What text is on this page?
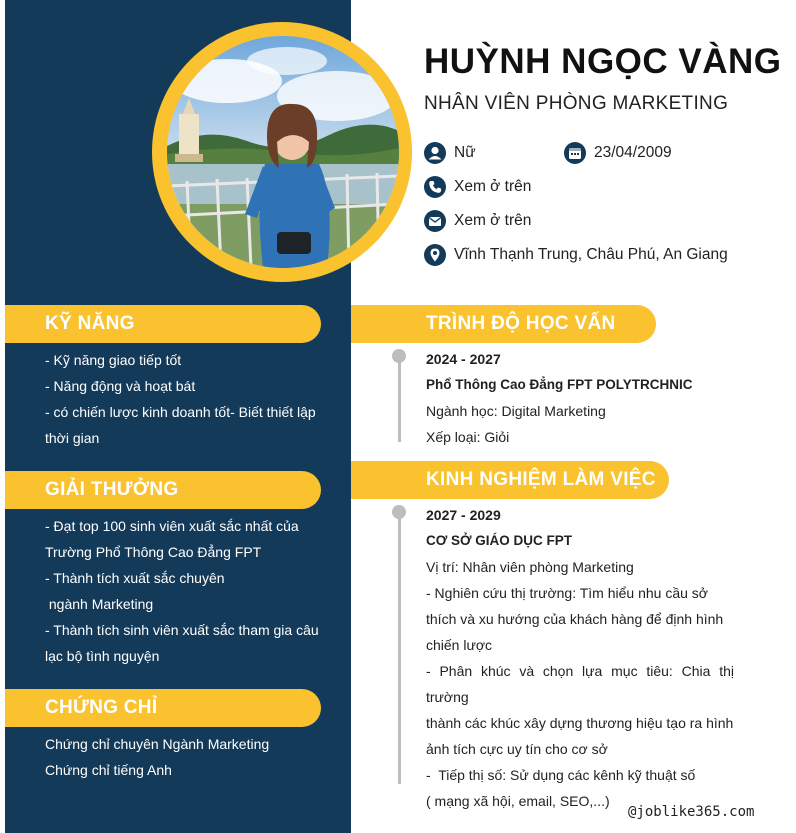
HUỲNH NGỌC VÀNG
NHÂN VIÊN PHÒNG MARKETING
Nữ	23/04/2009
Xem ở trên
Xem ở trên
Vĩnh Thạnh Trung, Châu Phú, An Giang
KỸ NĂNG
- Kỹ năng giao tiếp tốt
- Năng động và hoạt bát
- có chiến lược kinh doanh tốt- Biết thiết lập
thời gian
GIẢI THƯỞNG
- Đạt top 100 sinh viên xuất sắc nhất của
Trường Phổ Thông Cao Đẳng FPT
- Thành tích xuất sắc chuyên
ngành Marketing
- Thành tích sinh viên xuất sắc tham gia câu
lạc bộ tình nguyện
CHỨNG CHỈ
Chứng chỉ chuyên Ngành Marketing
Chứng chỉ tiếng Anh
TRÌNH ĐỘ HỌC VẤN
2024 - 2027
Phổ Thông Cao Đẳng FPT POLYTRCHNIC
Ngành học: Digital Marketing
Xếp loại: Giỏi
KINH NGHIỆM LÀM VIỆC
2027 - 2029
CƠ SỞ GIÁO DỤC FPT
Vị trí: Nhân viên phòng Marketing
- Nghiên cứu thị trường: Tìm hiểu nhu cầu sở
thích và xu hướng của khách hàng để định hình
chiến lược
- Phân khúc và chọn lựa mục tiêu: Chia thị trường
thành các khúc xây dựng thương hiệu tạo ra hình
ảnh tích cực uy tín cho cơ sở
-  Tiếp thị số: Sử dụng các kênh kỹ thuật số
( mạng xã hội, email, SEO,...)
@joblike365.com
